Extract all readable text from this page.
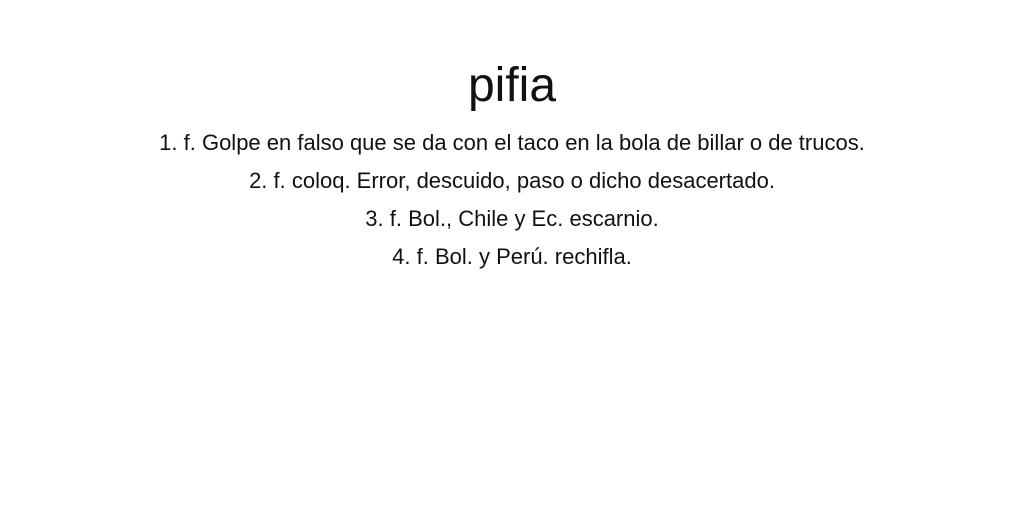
pifia
1. f. Golpe en falso que se da con el taco en la bola de billar o de trucos.
2. f. coloq. Error, descuido, paso o dicho desacertado.
3. f. Bol., Chile y Ec. escarnio.
4. f. Bol. y Perú. rechifla.
